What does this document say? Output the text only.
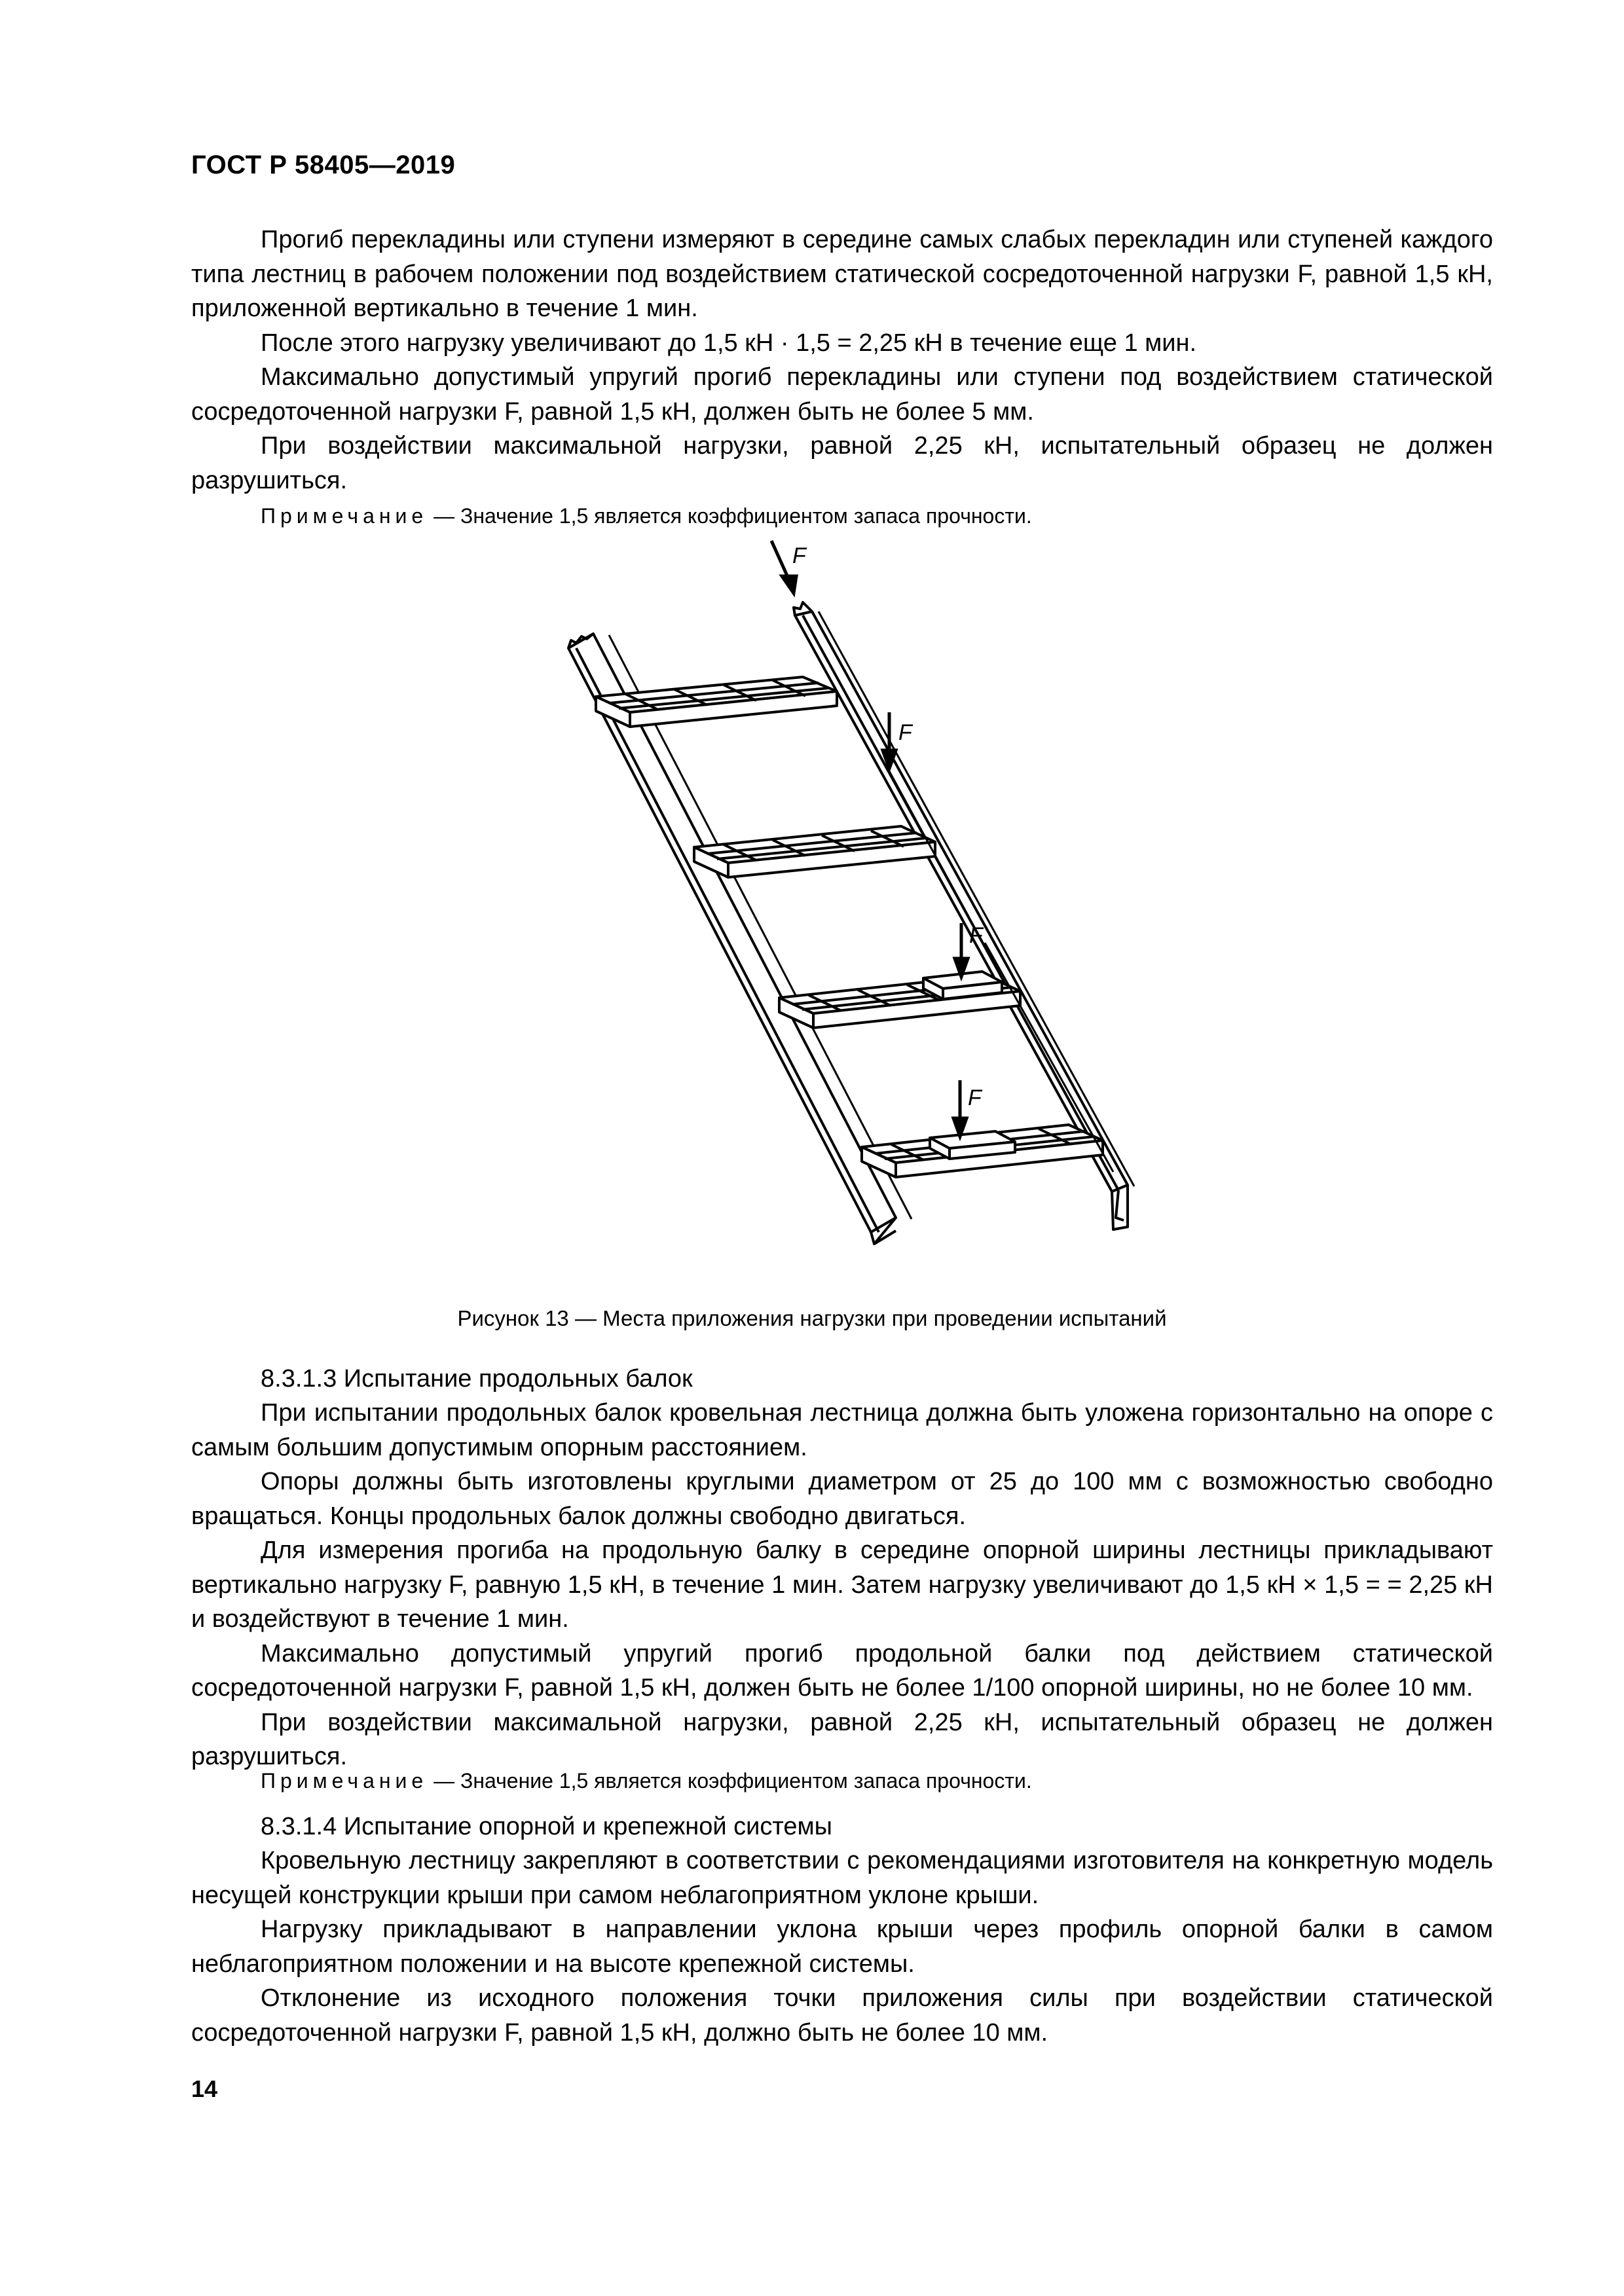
ГОСТ Р 58405—2019

Прогиб перекладины или ступени измеряют в середине самых слабых перекладин или ступеней каждого типа лестниц в рабочем положении под воздействием статической сосредоточенной нагрузки F, равной 1,5 кН, приложенной вертикально в течение 1 мин.

После этого нагрузку увеличивают до 1,5 кН · 1,5 = 2,25 кН в течение еще 1 мин.

Максимально допустимый упругий прогиб перекладины или ступени под воздействием статической сосредоточенной нагрузки F, равной 1,5 кН, должен быть не более 5 мм.

При воздействии максимальной нагрузки, равной 2,25 кН, испытательный образец не должен разрушиться.

Примечание — Значение 1,5 является коэффициентом запаса прочности.
F
F
F
F
Рисунок 13 — Места приложения нагрузки при проведении испытаний
8.3.1.3 Испытание продольных балок

При испытании продольных балок кровельная лестница должна быть уложена горизонтально на опоре с самым большим допустимым опорным расстоянием.

Опоры должны быть изготовлены круглыми диаметром от 25 до 100 мм с возможностью свободно вращаться. Концы продольных балок должны свободно двигаться.

Для измерения прогиба на продольную балку в середине опорной ширины лестницы прикладывают вертикально нагрузку F, равную 1,5 кН, в течение 1 мин. Затем нагрузку увеличивают до 1,5 кН × 1,5 = = 2,25 кН и воздействуют в течение 1 мин.

Максимально допустимый упругий прогиб продольной балки под действием статической сосредоточенной нагрузки F, равной 1,5 кН, должен быть не более 1/100 опорной ширины, но не более 10 мм.

При воздействии максимальной нагрузки, равной 2,25 кН, испытательный образец не должен разрушиться.

Примечание — Значение 1,5 является коэффициентом запаса прочности.
8.3.1.4 Испытание опорной и крепежной системы

Кровельную лестницу закрепляют в соответствии с рекомендациями изготовителя на конкретную модель несущей конструкции крыши при самом неблагоприятном уклоне крыши.

Нагрузку прикладывают в направлении уклона крыши через профиль опорной балки в самом неблагоприятном положении и на высоте крепежной системы.

Отклонение из исходного положения точки приложения силы при воздействии статической сосредоточенной нагрузки F, равной 1,5 кН, должно быть не более 10 мм.

14
